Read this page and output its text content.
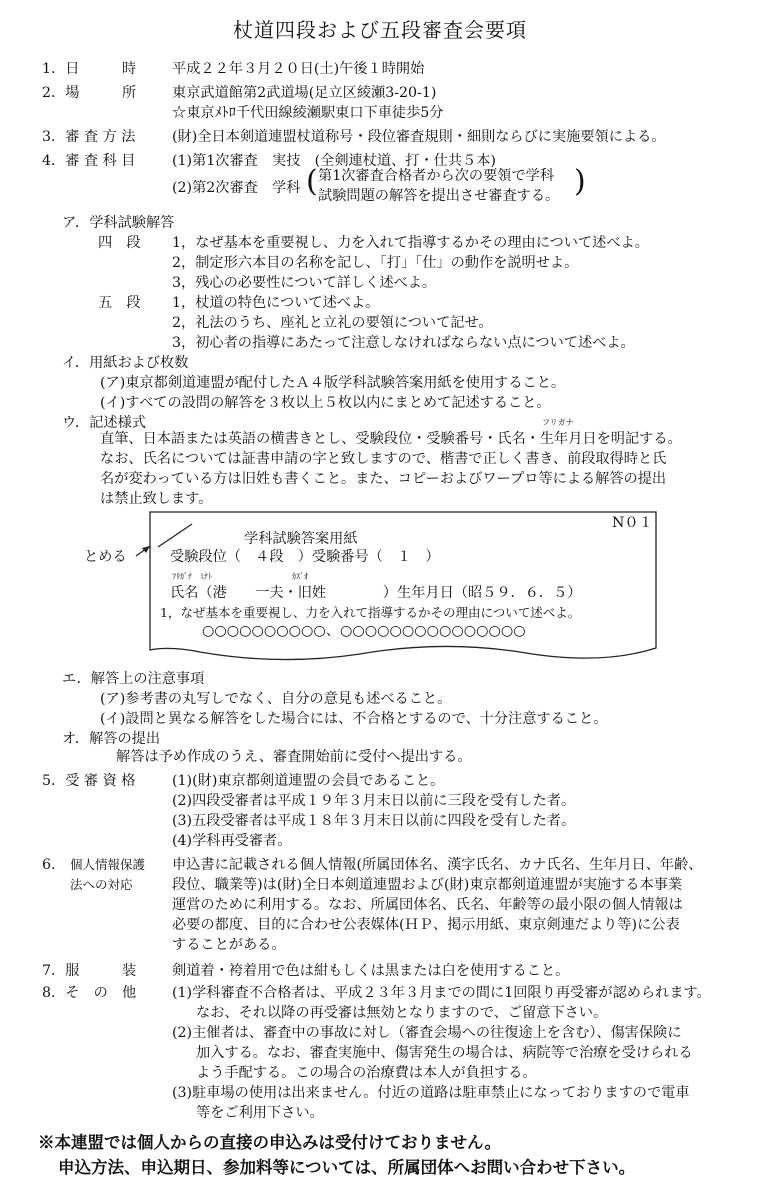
杖道四段および五段審査会要項
1．日　　　時	平成２２年３月２０日(土)午後１時開始
2．場　　　所	東京武道館第2武道場(足立区綾瀬3-20-1)
☆東京ﾒﾄﾛ千代田線綾瀬駅東口下車徒歩5分
3．審 査 方 法	(財)全日本剣道連盟杖道称号・段位審査規則・細則ならびに実施要領による。
4．審 査 科 目	(1)第1次審査　実技　(全剣連杖道、打・仕共５本)
(2)第2次審査　学科 ( 第1次審査合格者から次の要領で学科
試験問題の解答を提出させ審査する。 )
ア．学科試験解答
四　段 1，なぜ基本を重要視し、力を入れて指導するかその理由について述べよ。
2，制定形六本目の名称を記し、「打」「仕」の動作を説明せよ。
3，残心の必要性について詳しく述べよ。
五　段 1，杖道の特色について述べよ。
2，礼法のうち、座礼と立礼の要領について記せ。
3，初心者の指導にあたって注意しなければならない点について述べよ。
イ．用紙および枚数
(ア)東京都剣道連盟が配付したＡ４版学科試験答案用紙を使用すること。
(イ)すべての設問の解答を３枚以上５枚以内にまとめて記述すること。
ウ．記述様式	フリガナ
直筆、日本語または英語の横書きとし、受験段位・受験番号・氏名・生年月日を明記する。
なお、氏名については証書申請の字と致しますので、楷書で正しく書き、前段取得時と氏
名が変わっている方は旧姓も書くこと。また、コピーおよびワープロ等による解答の提出
は禁止致します。
とめる
N０１
学科試験答案用紙
受験段位（　４段　）受験番号（　１　）
ﾌﾘｶﾞﾅ　ﾐﾅﾄ	ｶｽﾞｵ
氏名（港　　一夫・旧姓　　　　）生年月日（昭５９．６．５）
1，なぜ基本を重要視し、力を入れて指導するかその理由について述べよ。
○○○○○○○○○○、○○○○○○○○○○○○○○○
エ．解答上の注意事項
(ア)参考書の丸写しでなく、自分の意見も述べること。
(イ)設問と異なる解答をした場合には、不合格とするので、十分注意すること。
オ．解答の提出
解答は予め作成のうえ、審査開始前に受付へ提出する。
5．受 審 資 格	(1)(財)東京都剣道連盟の会員であること。
(2)四段受審者は平成１９年３月末日以前に三段を受有した者。
(3)五段受審者は平成１８年３月末日以前に四段を受有した者。
(4)学科再受審者。
6． 個人情報保護
法への対応
申込書に記載される個人情報(所属団体名、漢字氏名、カナ氏名、生年月日、年齢、
段位、職業等)は(財)全日本剣道連盟および(財)東京都剣道連盟が実施する本事業
運営のために利用する。なお、所属団体名、氏名、年齢等の最小限の個人情報は
必要の都度、目的に合わせ公表媒体(ＨＰ、掲示用紙、東京剣連だより等)に公表
することがある。
7．服　　　装	剣道着・袴着用で色は紺もしくは黒または白を使用すること。
8．そ　の　他	(1)学科審査不合格者は、平成２３年３月までの間に1回限り再受審が認められます。
なお、それ以降の再受審は無効となりますので、ご留意下さい。
(2)主催者は、審査中の事故に対し（審査会場への往復途上を含む）、傷害保険に
加入する。なお、審査実施中、傷害発生の場合は、病院等で治療を受けられる
よう手配する。この場合の治療費は本人が負担する。
(3)駐車場の使用は出来ません。付近の道路は駐車禁止になっておりますので電車
等をご利用下さい。
※本連盟では個人からの直接の申込みは受付けておりません。
申込方法、申込期日、参加料等については、所属団体へお問い合わせ下さい。
